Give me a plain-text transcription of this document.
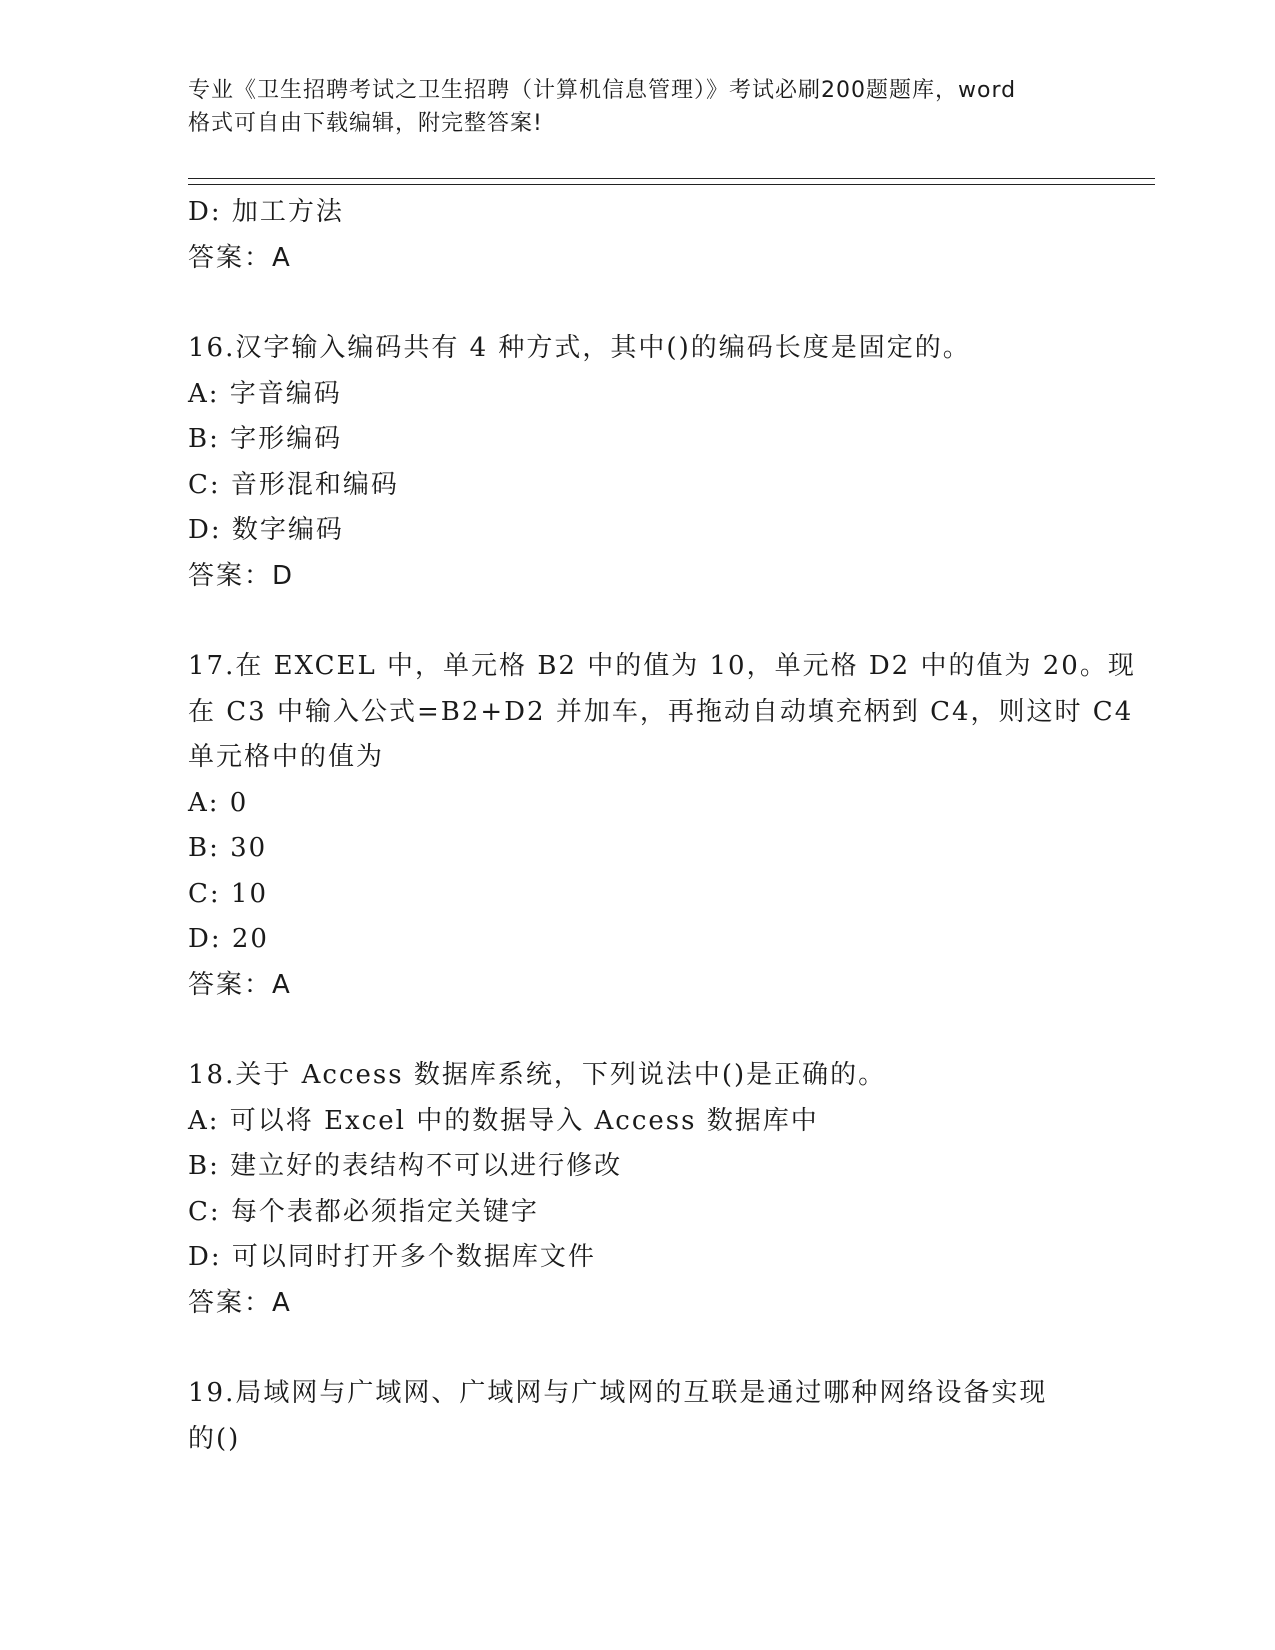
专业《卫生招聘考试之卫生招聘（计算机信息管理）》考试必刷200题题库，word
格式可自由下载编辑，附完整答案!
D: 加工方法
答案：A
16.汉字输入编码共有 4 种方式，其中()的编码长度是固定的。
A: 字音编码
B: 字形编码
C: 音形混和编码
D: 数字编码
答案：D
17.在 EXCEL 中，单元格 B2 中的值为 10，单元格 D2 中的值为 20。现
在 C3 中输入公式=B2+D2 并加车，再拖动自动填充柄到 C4，则这时 C4
单元格中的值为
A: 0
B: 30
C: 10
D: 20
答案：A
18.关于 Access 数据库系统，下列说法中()是正确的。
A: 可以将 Excel 中的数据导入 Access 数据库中
B: 建立好的表结构不可以进行修改
C: 每个表都必须指定关键字
D: 可以同时打开多个数据库文件
答案：A
19.局域网与广域网、广域网与广域网的互联是通过哪种网络设备实现
的()
